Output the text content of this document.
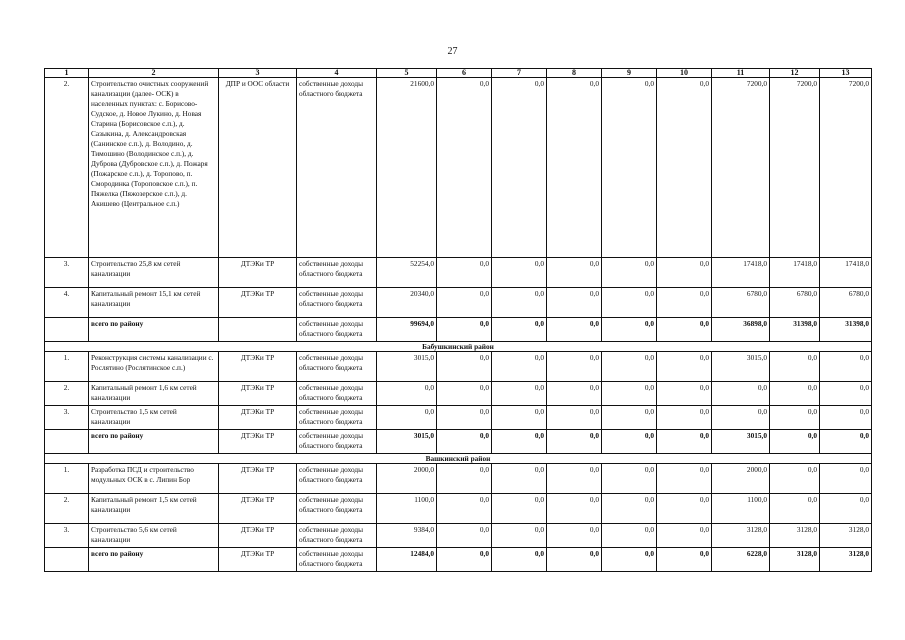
27
1	2	3	4	5	6	7	8	9	10	11	12	13
2.	Строительство очистных сооружений канализации (далее- ОСК) в населенных пунктах: с. Борисово-Судское, д. Новое Лукино, д. Новая Старина (Борисовское с.п.), д. Сазыкина, д. Александровская (Санинское с.п.), д. Володино, д. Тимошино (Володинское с.п.), д. Дуброва (Дубровское с.п.), д. Пожаря (Пожарское с.п.), д. Торопово, п. Смородинка (Тороповское с.п.), п. Пяжелка (Пяжозерское с.п.), д. Акишево (Центральное с.п.)	ДПР и ООС области	собственные доходы областного бюджета	21600,0	0,0	0,0	0,0	0,0	0,0	7200,0	7200,0	7200,0
3.	Строительство 25,8 км сетей канализации	ДТЭКи ТР	собственные доходы областного бюджета	52254,0	0,0	0,0	0,0	0,0	0,0	17418,0	17418,0	17418,0
4.	Капитальный ремонт 15,1 км сетей канализации	ДТЭКи ТР	собственные доходы областного бюджета	20340,0	0,0	0,0	0,0	0,0	0,0	6780,0	6780,0	6780,0
	всего по району		собственные доходы областного бюджета	99694,0	0,0	0,0	0,0	0,0	0,0	36898,0	31398,0	31398,0
Бабушкинский район												
1.	Реконструкция системы канализации с. Рослятино (Рослятинское с.п.)	ДТЭКи ТР	собственные доходы областного бюджета	3015,0	0,0	0,0	0,0	0,0	0,0	3015,0	0,0	0,0
2.	Капитальный ремонт 1,6 км сетей канализации	ДТЭКи ТР	собственные доходы областного бюджета	0,0	0,0	0,0	0,0	0,0	0,0	0,0	0,0	0,0
3.	Строительство 1,5 км сетей канализации	ДТЭКи ТР	собственные доходы областного бюджета	0,0	0,0	0,0	0,0	0,0	0,0	0,0	0,0	0,0
	всего по району	ДТЭКи ТР	собственные доходы областного бюджета	3015,0	0,0	0,0	0,0	0,0	0,0	3015,0	0,0	0,0
Вашкинский район												
1.	Разработка ПСД и строительство модульных ОСК в с. Липин Бор	ДТЭКи ТР	собственные доходы областного бюджета	2000,0	0,0	0,0	0,0	0,0	0,0	2000,0	0,0	0,0
2.	Капитальный ремонт 1,5 км сетей канализации	ДТЭКи ТР	собственные доходы областного бюджета	1100,0	0,0	0,0	0,0	0,0	0,0	1100,0	0,0	0,0
3.	Строительство 5,6 км сетей канализации	ДТЭКи ТР	собственные доходы областного бюджета	9384,0	0,0	0,0	0,0	0,0	0,0	3128,0	3128,0	3128,0
	всего по району	ДТЭКи ТР	собственные доходы областного бюджета	12484,0	0,0	0,0	0,0	0,0	0,0	6228,0	3128,0	3128,0
